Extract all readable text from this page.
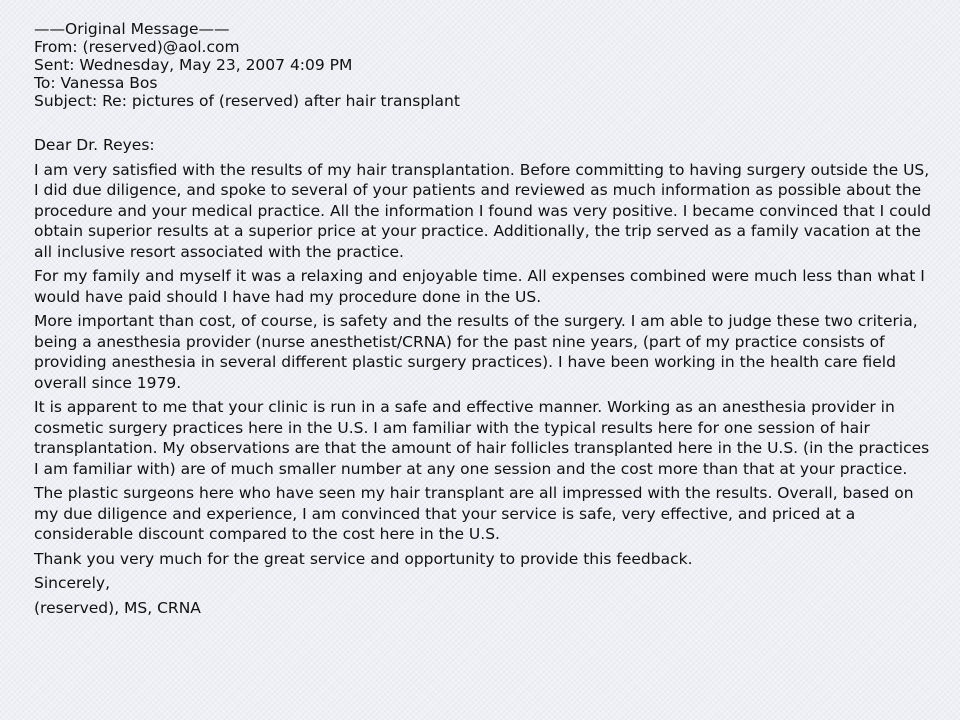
——Original Message——
From: (reserved)@aol.com
Sent: Wednesday, May 23, 2007 4:09 PM
To: Vanessa Bos
Subject: Re: pictures of (reserved) after hair transplant

Dear Dr. Reyes:

I am very satisfied with the results of my hair transplantation. Before committing to having surgery outside the US, I did due diligence, and spoke to several of your patients and reviewed as much information as possible about the procedure and your medical practice. All the information I found was very positive. I became convinced that I could obtain superior results at a superior price at your practice. Additionally, the trip served as a family vacation at the all inclusive resort associated with the practice.

For my family and myself it was a relaxing and enjoyable time. All expenses combined were much less than what I would have paid should I have had my procedure done in the US.

More important than cost, of course, is safety and the results of the surgery. I am able to judge these two criteria, being a anesthesia provider (nurse anesthetist/CRNA) for the past nine years, (part of my practice consists of providing anesthesia in several different plastic surgery practices). I have been working in the health care field overall since 1979.

It is apparent to me that your clinic is run in a safe and effective manner. Working as an anesthesia provider in cosmetic surgery practices here in the U.S. I am familiar with the typical results here for one session of hair transplantation. My observations are that the amount of hair follicles transplanted here in the U.S. (in the practices I am familiar with) are of much smaller number at any one session and the cost more than that at your practice.

The plastic surgeons here who have seen my hair transplant are all impressed with the results. Overall, based on my due diligence and experience, I am convinced that your service is safe, very effective, and priced at a considerable discount compared to the cost here in the U.S.

Thank you very much for the great service and opportunity to provide this feedback.

Sincerely,

(reserved), MS, CRNA
